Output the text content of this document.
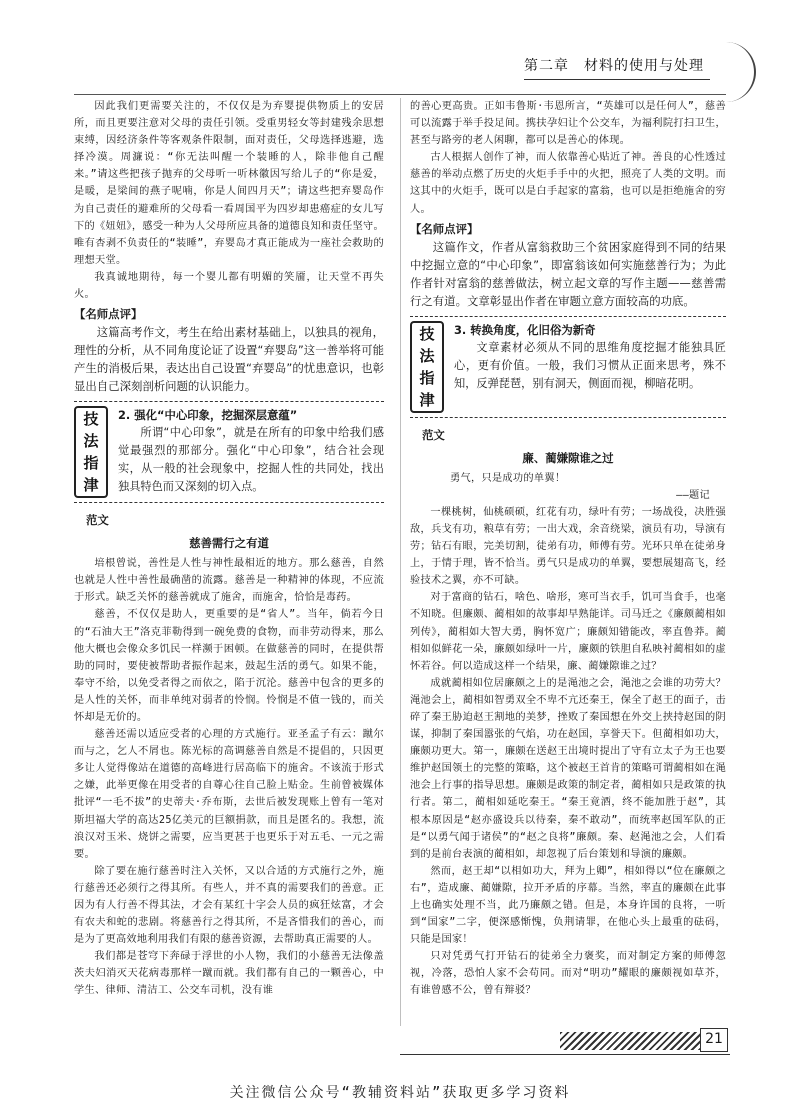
第二章　材料的使用与处理
因此我们更需要关注的，不仅仅是为弃婴提供物质上的安居所，而且更要注意对父母的责任引领。受重男轻女等封建残余思想束缚，因经济条件等客观条件限制，面对责任，父母选择逃避，选择冷漠。周濂说：“你无法叫醒一个装睡的人，除非他自己醒来。”请这些把孩子抛弃的父母听一听林徽因写给儿子的“你是爱，是暖，是梁间的燕子呢喃，你是人间四月天”；请这些把弃婴岛作为自己责任的避难所的父母看一看周国平为四岁却患癌症的女儿写下的《妞妞》，感受一种为人父母所应具备的道德良知和责任坚守。唯有杏剥不负责任的“装睡”，弃婴岛才真正能成为一座社会救助的理想天堂。
我真诚地期待，每一个婴儿都有明媚的笑靥，让天堂不再失火。
【名师点评】
这篇高考作文，考生在给出素材基础上，以独具的视角，理性的分析，从不同角度论证了设置“弃婴岛”这一善举将可能产生的消极后果，表达出自己设置“弃婴岛”的忧患意识，也彰显出自己深刻剖析问题的认识能力。
技
法
指
津
2. 强化“中心印象，挖掘深层意蕴”
所谓“中心印象”，就是在所有的印象中给我们感觉最强烈的那部分。强化“中心印象”，结合社会现实，从一般的社会现象中，挖掘人性的共同处，找出独具特色而又深刻的切入点。
范文
慈善需行之有道
培根曾说，善性是人性与神性最相近的地方。那么慈善，自然也就是人性中善性最确凿的流露。慈善是一种精神的体现，不应流于形式。缺乏关怀的慈善就成了施舍，而施舍，恰恰是毒药。
慈善，不仅仅是助人，更重要的是“省人”。当年，倘若今日的“石油大王”洛克菲勒得到一碗免费的食物，而非劳动得来，那么他大概也会像众多饥民一样濒于困顿。在做慈善的同时，在提供帮助的同时，要使被帮助者振作起来，鼓起生活的勇气。如果不能，奉守不给，以免受者得之而依之，陷于沉沦。慈善中包含的更多的是人性的关怀，而非单纯对弱者的怜悯。怜悯是不值一钱的，而关怀却是无价的。
慈善还需以适应受者的心理的方式施行。亚圣孟子有云：蹴尔而与之，乞人不屑也。陈光标的高调慈善自然是不提倡的，只因更多让人觉得像站在道德的高峰进行居高临下的施舍。不该流于形式之嫌，此举更像在用受者的自尊心往自己脸上贴金。生前曾被媒体批评“一毛不拔”的史蒂夫·乔布斯，去世后被发现账上曾有一笔对斯坦福大学的高达25亿美元的巨额捐款，而且是匿名的。我想，流浪汉对玉米、烧饼之需要，应当更甚于也更乐于对五毛、一元之需要。
除了要在施行慈善时注入关怀，又以合适的方式施行之外，施行慈善还必须行之得其所。有些人，并不真的需要我们的善意。正因为有人行善不得其法，才会有某红十字会人员的疯狂炫富，才会有农夫和蛇的悲剧。将慈善行之得其所，不是吝惜我们的善心，而是为了更高效地利用我们有限的慈善资源，去帮助真正需要的人。
我们都是苍穹下奔碌于浮世的小人物，我们的小慈善无法像盖茨夫妇消灭天花病毒那样一蹴而就。我们都有自己的一颗善心，中学生、律师、清洁工、公交车司机，没有谁
的善心更高贵。正如韦鲁斯·韦恩所言，“英雄可以是任何人”，慈善可以流露于举手投足间。携扶孕妇让个公交车，为福利院打扫卫生，甚至与路旁的老人闲聊，都可以是善心的体现。
古人根据人创作了神，而人依靠善心贴近了神。善良的心性透过慈善的举动点燃了历史的火炬手手中的火把，照亮了人类的文明。而这其中的火炬手，既可以是白手起家的富翁，也可以是拒绝施舍的穷人。
【名师点评】
这篇作文，作者从富翁救助三个贫困家庭得到不同的结果中挖掘立意的“中心印象”，即富翁该如何实施慈善行为；为此作者针对富翁的慈善做法，树立起文章的写作主题——慈善需行之有道。文章彰显出作者在审题立意方面较高的功底。
技
法
指
津
3. 转换角度，化旧俗为新奇
文章素材必须从不同的思维角度挖掘才能独具匠心，更有价值。一般，我们习惯从正面来思考，殊不知，反弹琵琶，别有洞天，侧面而视，柳暗花明。
范文
廉、蔺嫌隙谁之过
勇气，只是成功的单翼！
——题记
一棵桃树，仙桃硕硕，红花有功，绿叶有劳；一场战役，决胜强敌，兵戈有功，粮草有劳；一出大戏，余音绕梁，演员有功，导演有劳；钻石有眼，完美切割，徒弟有功，师傅有劳。光环只单在徒弟身上，于情于理，皆不恰当。勇气只是成功的单翼，要想展翅高飞，经验技术之翼，亦不可缺。
对于富商的钻石，啥色、啥形，寒可当衣手，饥可当食手，也毫不知晓。但廉颇、蔺相如的故事却早熟能详。司马迁之《廉颇蔺相如列传》，蔺相如大智大勇，胸怀宽广；廉颇知错能改，率直鲁莽。蔺相如似鲜花一朵，廉颇如绿叶一片，廉颇的铁胆自私映衬蔺相如的虚怀若谷。何以造成这样一个结果，廉、蔺嫌隙谁之过？
成就蔺相如位居廉颇之上的是渑池之会，渑池之会谁的功劳大？渑池会上，蔺相如智勇双全不卑不亢还秦王，保全了赵王的面子，击碎了秦王胁迫赵王割地的美梦，挫败了秦国想在外交上挟持赵国的阴谋，抑制了秦国嚣张的气焰，功在赵国，享誉天下。但蔺相如功大，廉颇功更大。第一，廉颇在送赵王出境时提出了守有立太子为王也要维护赵国领土的完整的策略，这个被赵王首肯的策略可谓蔺相如在渑池会上行事的指导思想。廉颇是政策的制定者，蔺相如只是政策的执行者。第二，蔺相如延吃秦王。“秦王竟酒，终不能加胜于赵”，其根本原因是“赵亦盛设兵以待秦，秦不敢动”，而统率赵国军队的正是“以勇气闻于诸侯”的“赵之良将”廉颇。秦、赵渑池之会，人们看到的是前台表演的蔺相如，却忽视了后台策划和导演的廉颇。
然而，赵王却“以相如功大，拜为上卿”，相如得以“位在廉颇之右”，造成廉、蔺嫌隙，拉开矛盾的序幕。当然，率直的廉颇在此事上也确实处理不当，此乃廉颇之错。但是，本身许国的良将，一听到“国家”二字，便深感惭愧，负荆请罪，在他心头上最重的砝码，只能是国家！
只对凭勇气打开钻石的徒弟全力褒奖，而对制定方案的师傅忽视，冷落，恐怕人家不会苟同。而对“明功”耀眼的廉颇视如草芥，有谁曾感不公，曾有辩驳？
21
关注微信公众号“教辅资料站”获取更多学习资料
